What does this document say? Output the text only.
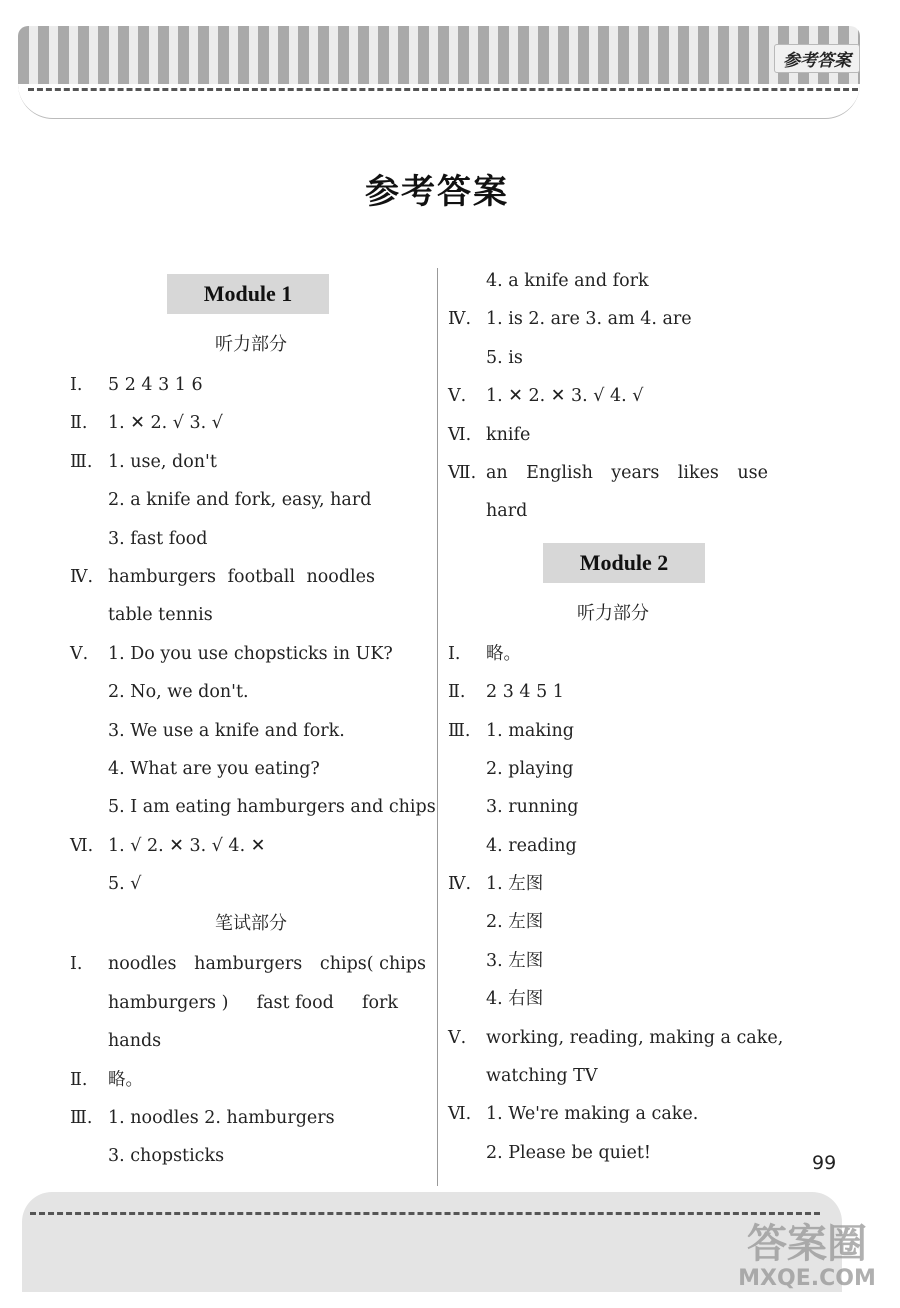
参考答案
参考答案
Module 1
听力部分
Ⅰ. 5 2 4 3 1 6
Ⅱ. 1. ✕ 2. √ 3. √
Ⅲ. 1. use, don't
2. a knife and fork, easy, hard
3. fast food
Ⅳ. hamburgers football noodles
table tennis
Ⅴ. 1. Do you use chopsticks in UK?
2. No, we don't.
3. We use a knife and fork.
4. What are you eating?
5. I am eating hamburgers and chips
Ⅵ. 1. √ 2. ✕ 3. √ 4. ✕
5. √
笔试部分
Ⅰ.	noodles hamburgers chips( chips
hamburgers ) fast food fork
hands
Ⅱ. 略。
Ⅲ. 1. noodles 2. hamburgers
3. chopsticks
4. a knife and fork
Ⅳ. 1. is 2. are 3. am 4. are
5. is
Ⅴ. 1. ✕ 2. ✕ 3. √ 4. √
Ⅵ. knife
Ⅶ. an English years likes use
hard
Module 2
听力部分
Ⅰ. 略。
Ⅱ. 2 3 4 5 1
Ⅲ. 1. making
2. playing
3. running
4. reading
Ⅳ. 1. 左图
2. 左图
3. 左图
4. 右图
Ⅴ. working, reading, making a cake,
watching TV
Ⅵ. 1. We're making a cake.
2. Please be quiet!	99
答案圈
MXQE.COM
